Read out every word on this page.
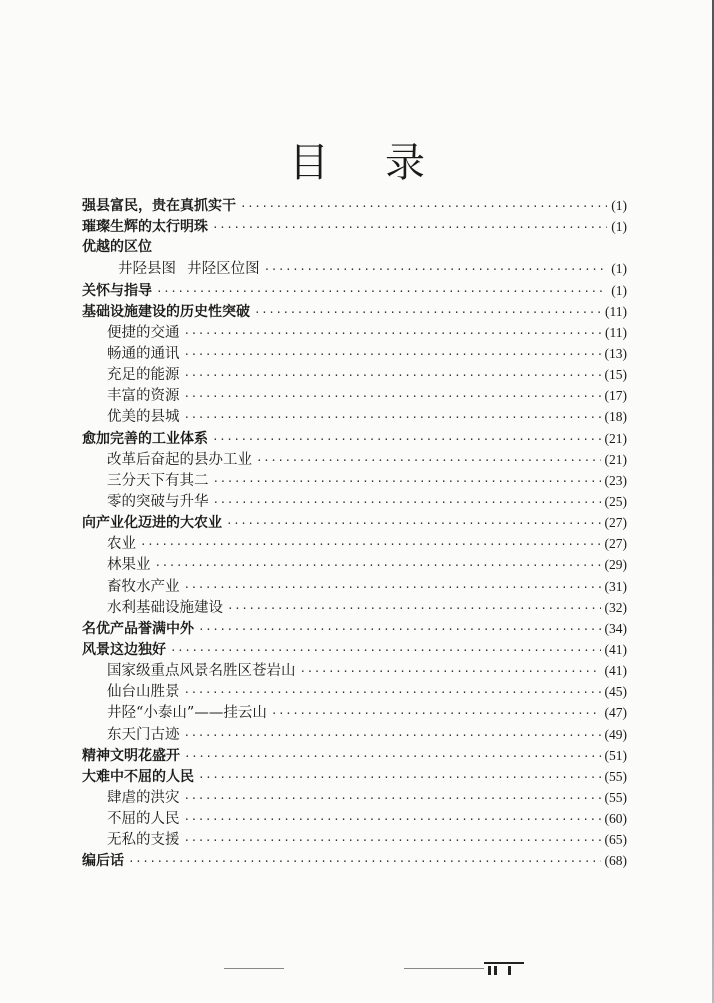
目录
强县富民，贵在真抓实干 ·····	(1)
璀璨生辉的太行明珠 ·····	(1)
优越的区位
井陉县图 井陉区位图 ·····	(1)
关怀与指导 ·····	(1)
基础设施建设的历史性突破 ·····	(11)
便捷的交通 ·····	(11)
畅通的通讯 ·····	(13)
充足的能源 ·····	(15)
丰富的资源 ·····	(17)
优美的县城 ·····	(18)
愈加完善的工业体系 ·····	(21)
改革后奋起的县办工业 ·····	(21)
三分天下有其二 ·····	(23)
零的突破与升华 ·····	(25)
向产业化迈进的大农业 ·····	(27)
农业 ·····	(27)
林果业 ·····	(29)
畜牧水产业 ·····	(31)
水利基础设施建设 ·····	(32)
名优产品誉满中外 ·····	(34)
风景这边独好 ·····	(41)
国家级重点风景名胜区苍岩山 ·····	(41)
仙台山胜景 ·····	(45)
井陉“小泰山”——挂云山 ·····	(47)
东天门古迹 ·····	(49)
精神文明花盛开 ·····	(51)
大难中不屈的人民 ·····	(55)
肆虐的洪灾 ·····	(55)
不屈的人民 ·····	(60)
无私的支援 ·····	(65)
编后话 ·····	(68)
